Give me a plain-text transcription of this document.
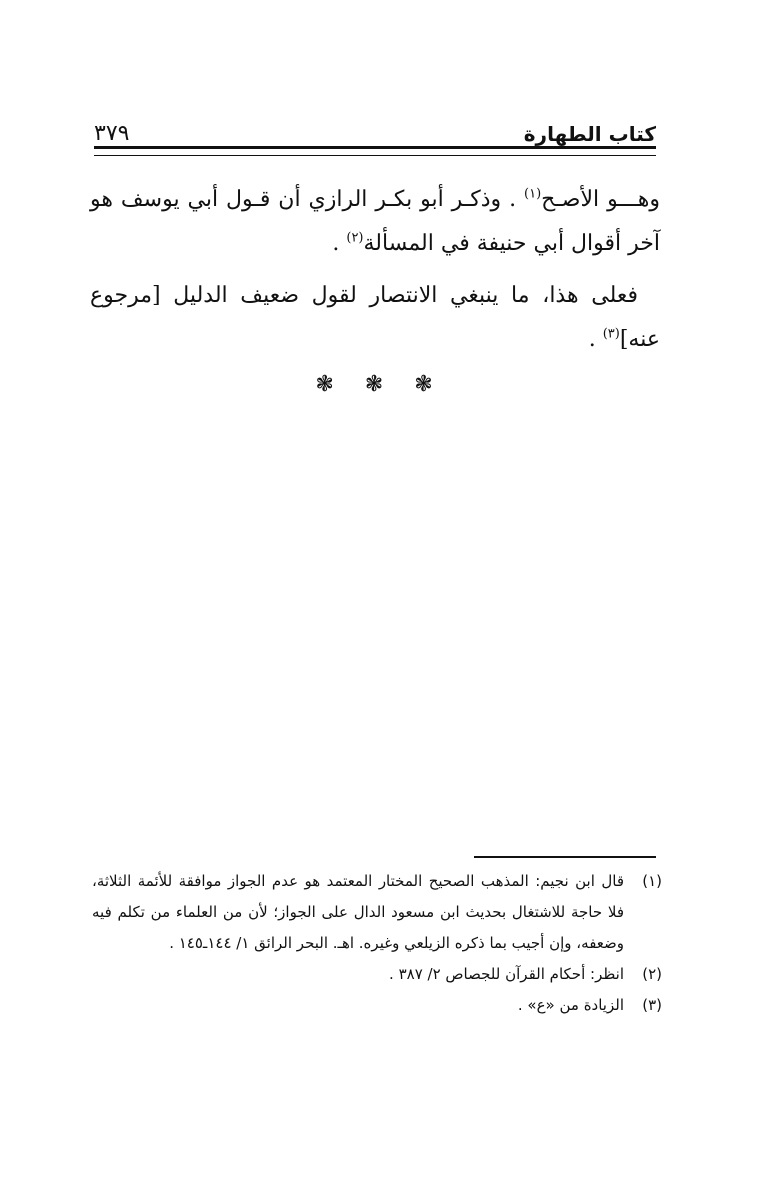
كتاب الطهارة
٣٧٩

وهـــو الأصـح$^{(١)}$ . وذكـر أبو بكـر الرازي أن قـول أبي يوسف هو آخر أقوال أبي حنيفة في المسألة$^{(٢)}$ .

فعلى هذا، ما ينبغي الانتصار لقول ضعيف الدليل [مرجوع عنه]$^{(٣)}$ .

❃ ❃ ❃
(١)
قال ابن نجيم: المذهب الصحيح المختار المعتمد هو عدم الجواز موافقة للأئمة الثلاثة، فلا حاجة للاشتغال بحديث ابن مسعود الدال على الجواز؛ لأن من العلماء من تكلم فيه وضعفه، وإن أجيب بما ذكره الزيلعي وغيره. اهـ. البحر الرائق ١/ ١٤٤ـ١٤٥ .
(٢)
انظر: أحكام القرآن للجصاص ٢/ ٣٨٧ .
(٣)
الزيادة من «ع» .
